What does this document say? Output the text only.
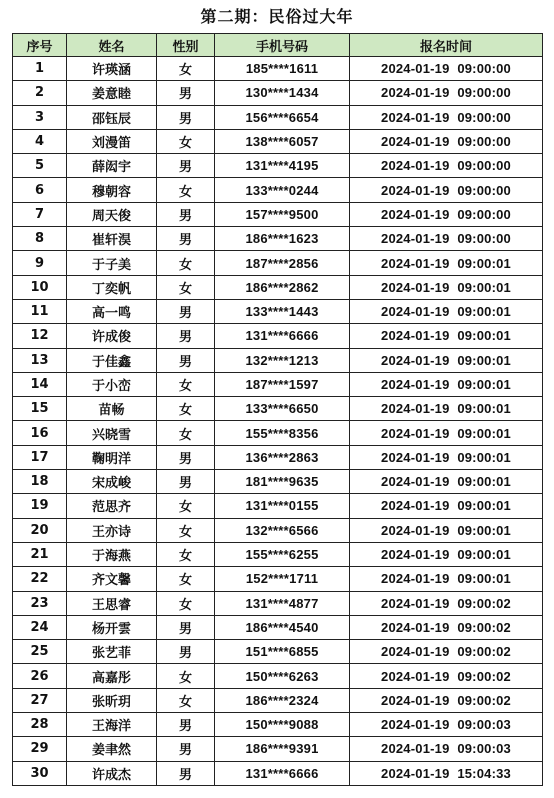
第二期：民俗过大年
序号	姓名	性别	手机号码	报名时间
1	许瑛涵	女	185****1611	2024-01-19 09:00:00
2	姜意睦	男	130****1434	2024-01-19 09:00:00
3	邵钰辰	男	156****6654	2024-01-19 09:00:00
4	刘漫笛	女	138****6057	2024-01-19 09:00:00
5	薛闳宇	男	131****4195	2024-01-19 09:00:00
6	穆朝容	女	133****0244	2024-01-19 09:00:00
7	周天俊	男	157****9500	2024-01-19 09:00:00
8	崔轩淏	男	186****1623	2024-01-19 09:00:00
9	于子美	女	187****2856	2024-01-19 09:00:01
10	丁奕帆	女	186****2862	2024-01-19 09:00:01
11	高一鸣	男	133****1443	2024-01-19 09:00:01
12	许成俊	男	131****6666	2024-01-19 09:00:01
13	于佳鑫	男	132****1213	2024-01-19 09:00:01
14	于小峦	女	187****1597	2024-01-19 09:00:01
15	苗畅	女	133****6650	2024-01-19 09:00:01
16	兴晓雪	女	155****8356	2024-01-19 09:00:01
17	鞠明洋	男	136****2863	2024-01-19 09:00:01
18	宋成峻	男	181****9635	2024-01-19 09:00:01
19	范思齐	女	131****0155	2024-01-19 09:00:01
20	王亦诗	女	132****6566	2024-01-19 09:00:01
21	于海燕	女	155****6255	2024-01-19 09:00:01
22	齐文馨	女	152****1711	2024-01-19 09:00:01
23	王思睿	女	131****4877	2024-01-19 09:00:02
24	杨开雲	男	186****4540	2024-01-19 09:00:02
25	张艺菲	男	151****6855	2024-01-19 09:00:02
26	高嘉彤	女	150****6263	2024-01-19 09:00:02
27	张昕玥	女	186****2324	2024-01-19 09:00:02
28	王海洋	男	150****9088	2024-01-19 09:00:03
29	姜聿然	男	186****9391	2024-01-19 09:00:03
30	许成杰	男	131****6666	2024-01-19 15:04:33
